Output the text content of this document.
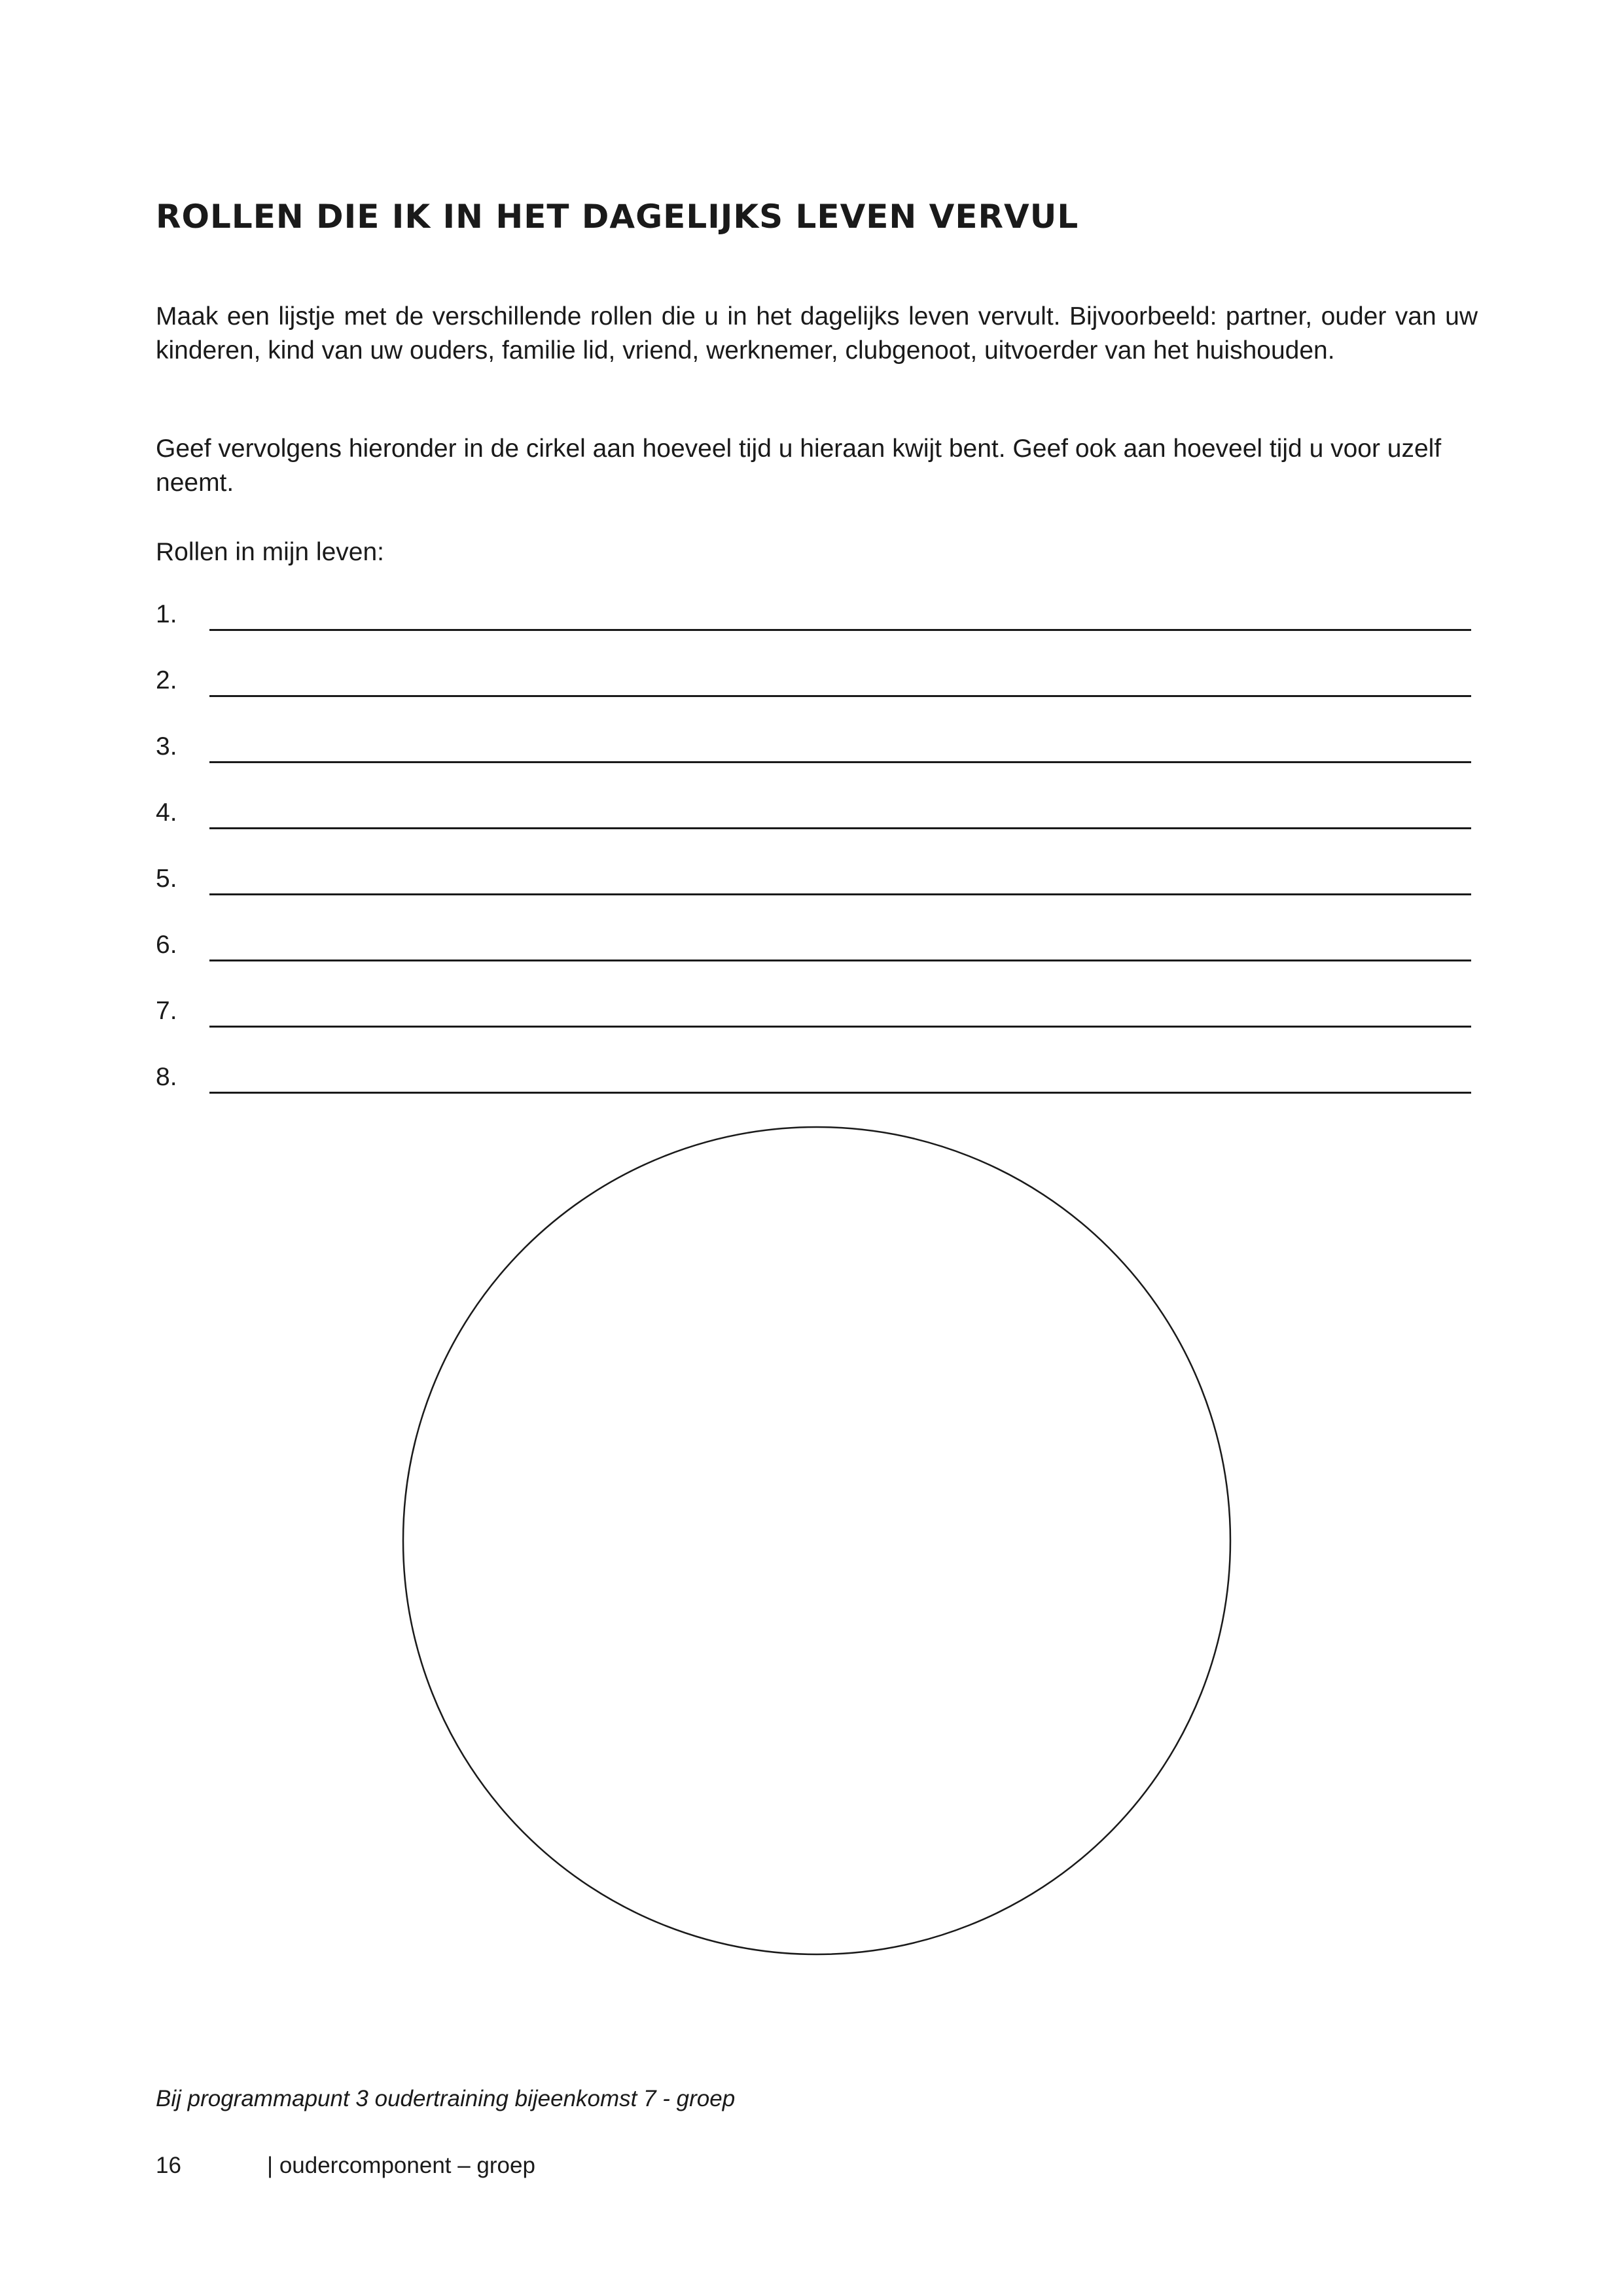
ROLLEN DIE IK IN HET DAGELIJKS LEVEN VERVUL

Maak een lijstje met de verschillende rollen die u in het dagelijks leven vervult. Bijvoorbeeld: partner, ouder van uw kinderen, kind van uw ouders, familie lid, vriend, werknemer, clubgenoot, uitvoerder van het huishouden.

Geef vervolgens hieronder in de cirkel aan hoeveel tijd u hieraan kwijt bent. Geef ook aan hoeveel tijd u voor uzelf neemt.

Rollen in mijn leven:

1.
2.
3.
4.
5.
6.
7.
8.

Bij programmapunt 3 oudertraining bijeenkomst 7 - groep

16	| oudercomponent – groep
